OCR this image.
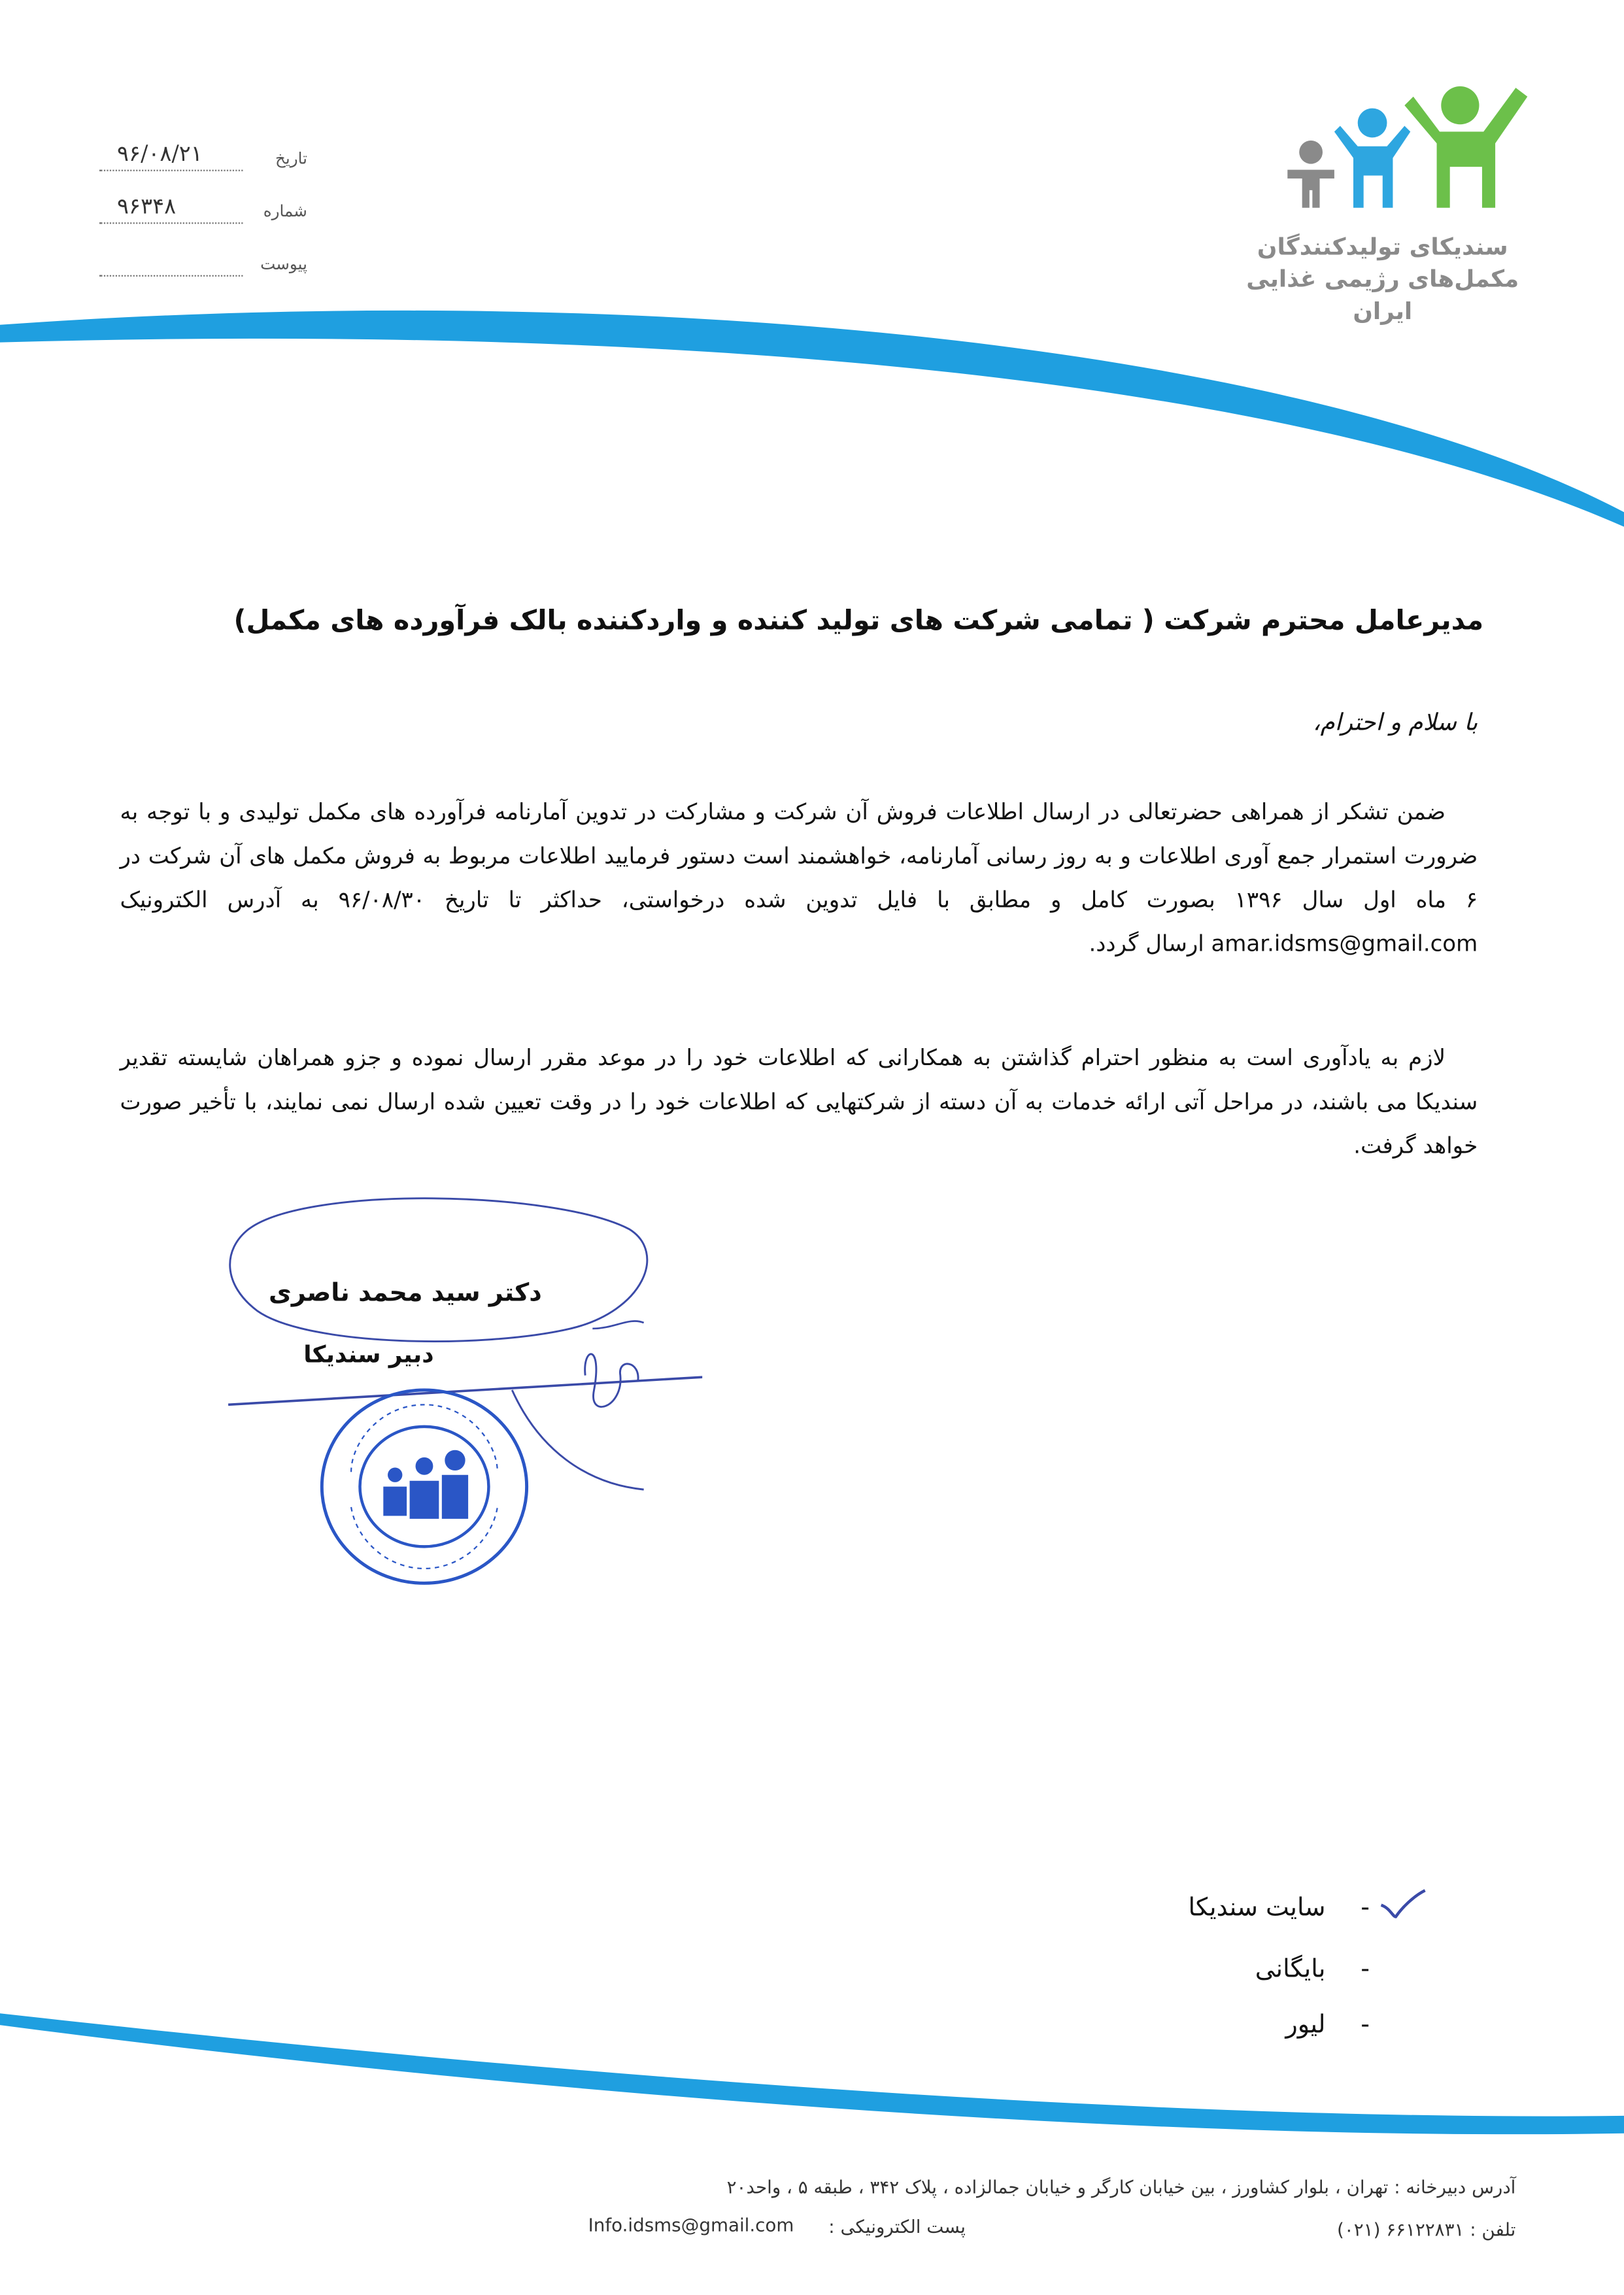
تاریخ
۹۶/۰۸/۲۱
شماره
۹۶۳۴۸
پیوست
سندیکای تولیدکنندگان
مکمل‌های رژیمی غذایی
ایران
مدیرعامل محترم شرکت ( تمامی شرکت های تولید کننده و واردکننده بالک فرآورده های مکمل)
با سلام و احترام،
ضمن تشکر از همراهی حضرتعالی در ارسال اطلاعات فروش آن شرکت و مشارکت در تدوین آمارنامه فرآورده های مکمل تولیدی و با توجه به ضرورت استمرار جمع آوری اطلاعات و به روز رسانی آمارنامه، خواهشمند است دستور فرمایید اطلاعات مربوط به فروش مکمل های آن شرکت در ۶ ماه اول سال ۱۳۹۶ بصورت کامل و مطابق با فایل تدوین شده درخواستی، حداکثر تا تاریخ ۹۶/۰۸/۳۰ به آدرس الکترونیک amar.idsms@gmail.com ارسال گردد.
لازم به یادآوری است به منظور احترام گذاشتن به همکارانی که اطلاعات خود را در موعد مقرر ارسال نموده و جزو همراهان شایسته تقدیر سندیکا می باشند، در مراحل آتی ارائه خدمات به آن دسته از شرکتهایی که اطلاعات خود را در وقت تعیین شده ارسال نمی نمایند، با تأخیر صورت خواهد گرفت.
دکتر سید محمد ناصری
دبیر سندیکا
سایت سندیکا	-
بایگانی	-
لیور	-
آدرس دبیرخانه : تهران ، بلوار کشاورز ، بین خیابان کارگر و خیابان جمالزاده ، پلاک ۳۴۲ ، طبقه ۵ ، واحد۲۰
تلفن : ۶۶۱۲۲۸۳۱ (۰۲۱)
پست الکترونیکی :
Info.idsms@gmail.com
